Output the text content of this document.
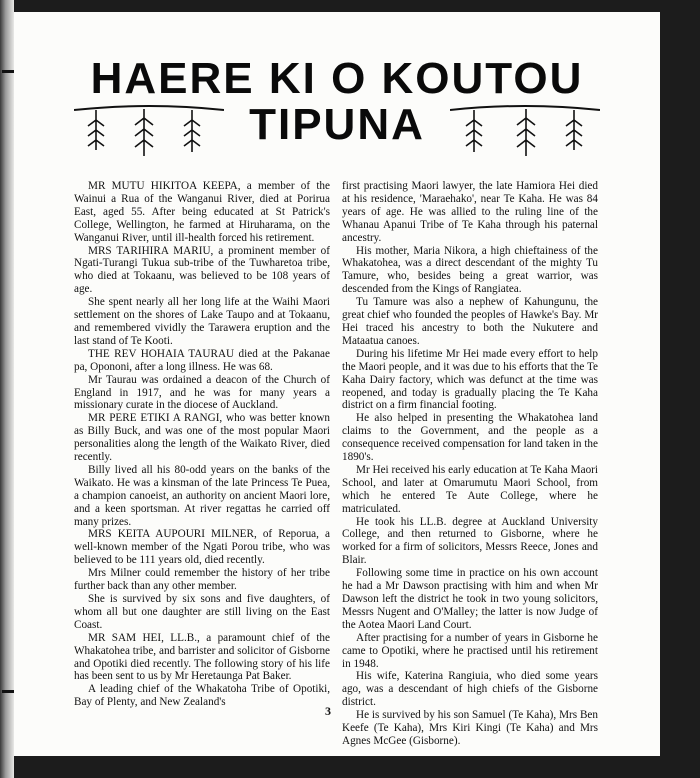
HAERE KI O KOUTOU
TIPUNA

MR MUTU HIKITOA KEEPA, a member of the Wainui a Rua of the Wanganui River, died at Porirua East, aged 55. After being educated at St Patrick's College, Wellington, he farmed at Hiruharama, on the Wanganui River, until ill-health forced his retirement.

MRS TARIHIRA MARIU, a prominent member of Ngati-Turangi Tukua sub-tribe of the Tuwharetoa tribe, who died at Tokaanu, was believed to be 108 years of age.

She spent nearly all her long life at the Waihi Maori settlement on the shores of Lake Taupo and at Tokaanu, and remembered vividly the Tarawera eruption and the last stand of Te Kooti.

THE REV HOHAIA TAURAU died at the Pakanae pa, Opononi, after a long illness. He was 68.

Mr Taurau was ordained a deacon of the Church of England in 1917, and he was for many years a missionary curate in the diocese of Auckland.

MR PERE ETIKI A RANGI, who was better known as Billy Buck, and was one of the most popular Maori personalities along the length of the Waikato River, died recently.

Billy lived all his 80-odd years on the banks of the Waikato. He was a kinsman of the late Princess Te Puea, a champion canoeist, an authority on ancient Maori lore, and a keen sportsman. At river regattas he carried off many prizes.

MRS KEITA AUPOURI MILNER, of Reporua, a well-known member of the Ngati Porou tribe, who was believed to be 111 years old, died recently.

Mrs Milner could remember the history of her tribe further back than any other member.

She is survived by six sons and five daughters, of whom all but one daughter are still living on the East Coast.

MR SAM HEI, LL.B., a paramount chief of the Whakatohea tribe, and barrister and solicitor of Gisborne and Opotiki died recently. The following story of his life has been sent to us by Mr Heretaunga Pat Baker.

A leading chief of the Whakatoha Tribe of Opotiki, Bay of Plenty, and New Zealand's

first practising Maori lawyer, the late Hamiora Hei died at his residence, 'Maraehako', near Te Kaha. He was 84 years of age. He was allied to the ruling line of the Whanau Apanui Tribe of Te Kaha through his paternal ancestry.

His mother, Maria Nikora, a high chieftainess of the Whakatohea, was a direct descendant of the mighty Tu Tamure, who, besides being a great warrior, was descended from the Kings of Rangiatea.

Tu Tamure was also a nephew of Kahungunu, the great chief who founded the peoples of Hawke's Bay. Mr Hei traced his ancestry to both the Nukutere and Mataatua canoes.

During his lifetime Mr Hei made every effort to help the Maori people, and it was due to his efforts that the Te Kaha Dairy factory, which was defunct at the time was reopened, and today is gradually placing the Te Kaha district on a firm financial footing.

He also helped in presenting the Whakatohea land claims to the Government, and the people as a consequence received compensation for land taken in the 1890's.

Mr Hei received his early education at Te Kaha Maori School, and later at Omarumutu Maori School, from which he entered Te Aute College, where he matriculated.

He took his LL.B. degree at Auckland University College, and then returned to Gisborne, where he worked for a firm of solicitors, Messrs Reece, Jones and Blair.

Following some time in practice on his own account he had a Mr Dawson practising with him and when Mr Dawson left the district he took in two young solicitors, Messrs Nugent and O'Malley; the latter is now Judge of the Aotea Maori Land Court.

After practising for a number of years in Gisborne he came to Opotiki, where he practised until his retirement in 1948.

His wife, Katerina Rangiuia, who died some years ago, was a descendant of high chiefs of the Gisborne district.

He is survived by his son Samuel (Te Kaha), Mrs Ben Keefe (Te Kaha), Mrs Kiri Kingi (Te Kaha) and Mrs Agnes McGee (Gisborne).

3
